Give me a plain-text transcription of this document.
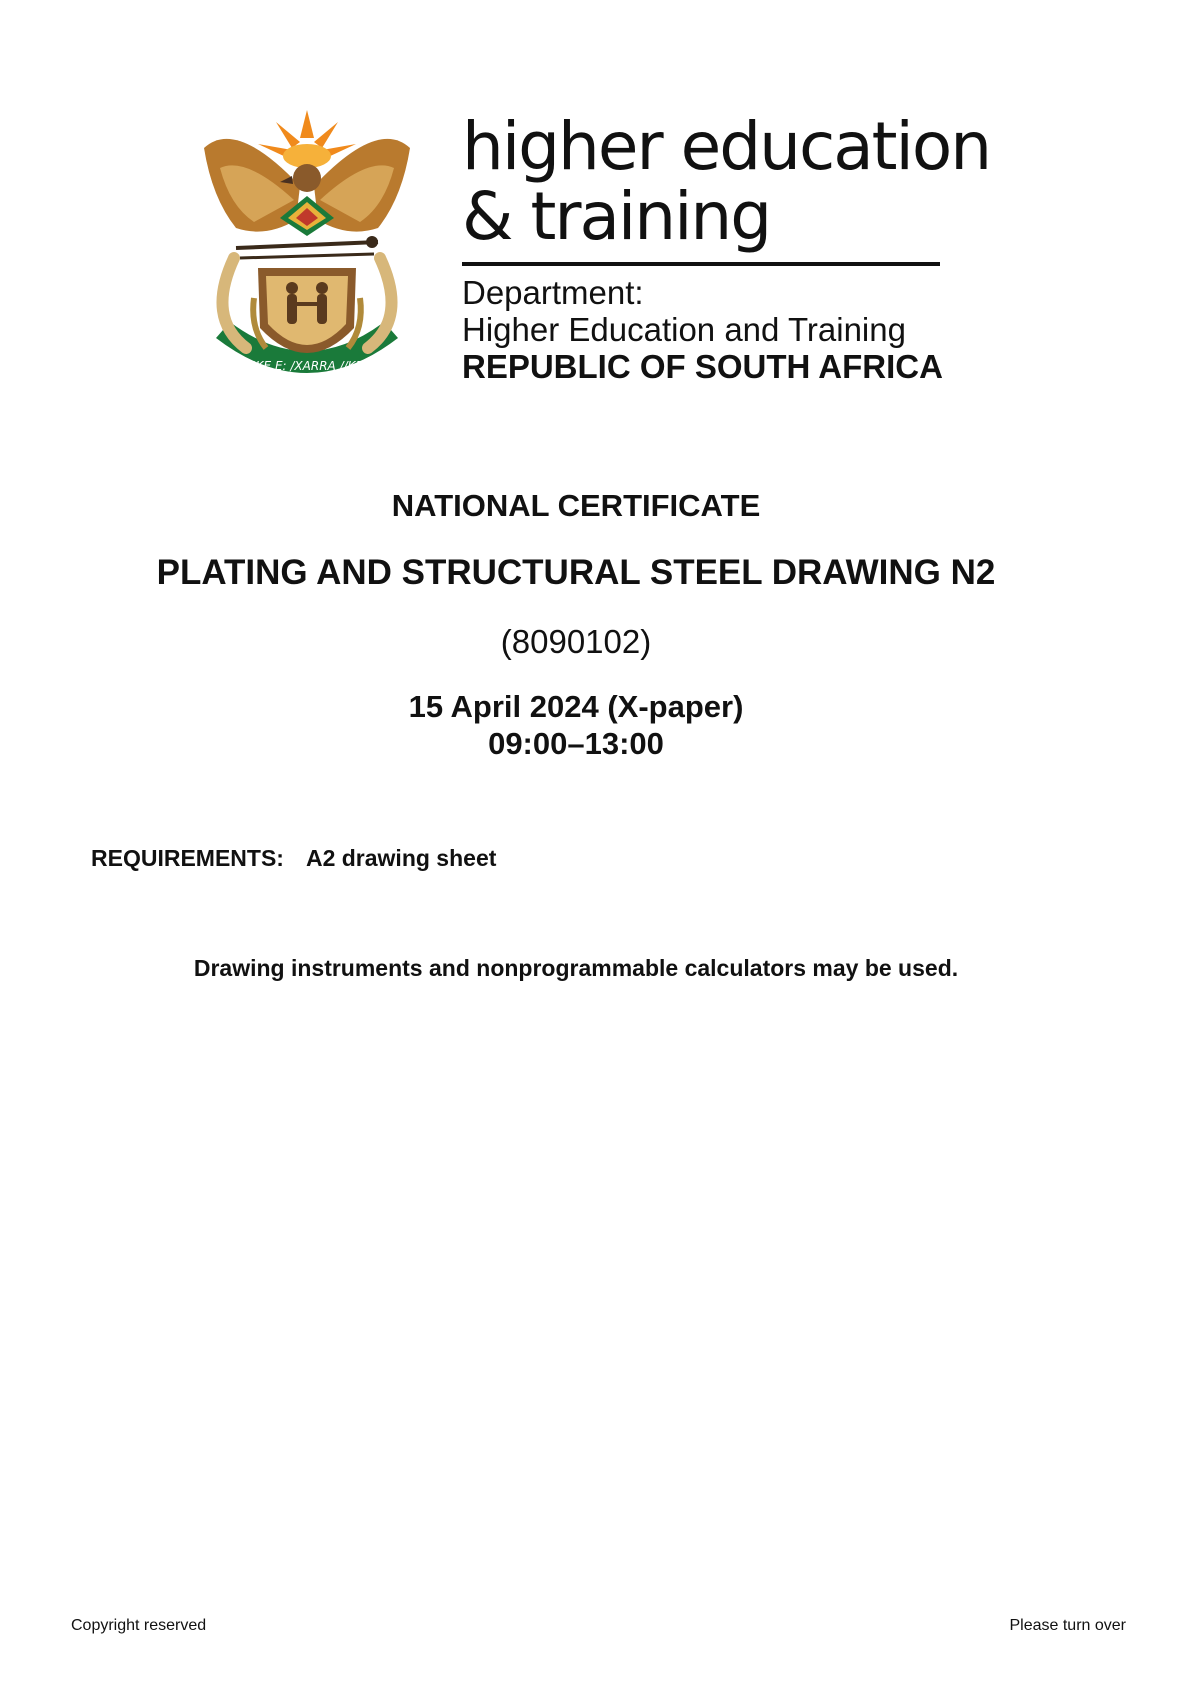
!KE E: /XARRA //KE
higher education
& training
Department:
Higher Education and Training
REPUBLIC OF SOUTH AFRICA
NATIONAL CERTIFICATE
PLATING AND STRUCTURAL STEEL DRAWING N2
(8090102)
15 April 2024 (X-paper)
09:00–13:00
REQUIREMENTS: A2 drawing sheet
Drawing instruments and nonprogrammable calculators may be used.
Copyright reserved	Please turn over
